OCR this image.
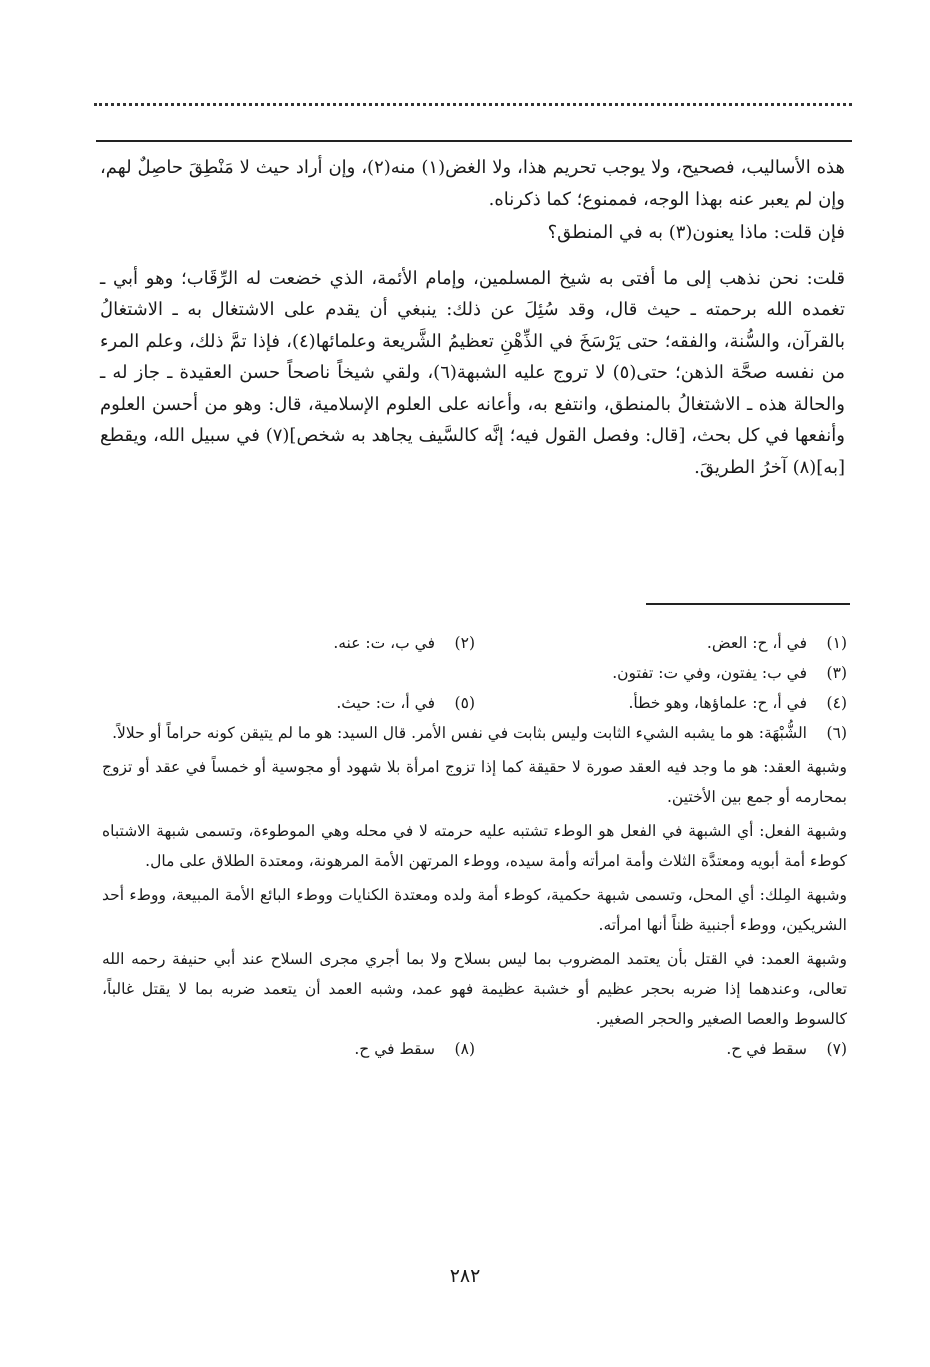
هذه الأساليب، فصحيح، ولا يوجب تحريم هذا، ولا الغض(١) منه(٢)، وإن أراد حيث لا مَنْطِقَ حاصِلٌ لهم، وإن لم يعبر عنه بهذا الوجه، فممنوع؛ كما ذكرناه.

فإن قلت: ماذا يعنون(٣) به في المنطق؟

قلت: نحن نذهب إلى ما أفتى به شيخ المسلمين، وإمام الأئمة، الذي خضعت له الرِّقَاب؛ وهو أبي ـ تغمده الله برحمته ـ حيث قال، وقد سُئِلَ عن ذلك: ينبغي أن يقدم على الاشتغال به ـ الاشتغالُ بالقرآن، والسُّنة، والفقه؛ حتى يَرْسَخَ في الذِّهْنِ تعظيمُ الشَّريعة وعلمائها(٤)، فإذا تمَّ ذلك، وعلم المرء من نفسه صحَّة الذهن؛ حتى(٥) لا تروج عليه الشبهة(٦)، ولقي شيخاً ناصحاً حسن العقيدة ـ جاز له ـ والحالة هذه ـ الاشتغالُ بالمنطق، وانتفع به، وأعانه على العلوم الإسلامية، قال: وهو من أحسن العلوم وأنفعها في كل بحث، [قال: وفصل القول فيه؛ إنَّه كالسَّيف يجاهد به شخص](٧) في سبيل الله، ويقطع [به](٨) آخرُ الطريقَ.

(١)
في أ، ح: العض.
(٢)
في ب، ت: عنه.
(٣)
في ب: يفتون، وفي ت: تفتون.
(٤)
في أ، ح: علماؤها، وهو خطأ.
(٥)
في أ، ت: حيث.
(٦)
الشُّبْهَة: هو ما يشبه الشيء الثابت وليس بثابت في نفس الأمر. قال السيد: هو ما لم يتيقن كونه حراماً أو حلالاً.

وشبهة العقد: هو ما وجد فيه العقد صورة لا حقيقة كما إذا تزوج امرأة بلا شهود أو مجوسية أو خمساً في عقد أو تزوج بمحارمه أو جمع بين الأختين.

وشبهة الفعل: أي الشبهة في الفعل هو الوطء تشتبه عليه حرمته لا في محله وهي الموطوءة، وتسمى شبهة الاشتباه كوطء أمة أبويه ومعتدَّة الثلاث وأمة امرأته وأمة سيده، ووطء المرتهن الأمة المرهونة، ومعتدة الطلاق على مال.

وشبهة المِلك: أي المحل، وتسمى شبهة حكمية، كوطء أمة ولده ومعتدة الكنايات ووطء البائع الأمة المبيعة، ووطء أحد الشريكين، ووطء أجنبية ظناً أنها امرأته.

وشبهة العمد: في القتل بأن يعتمد المضروب بما ليس بسلاح ولا بما أجري مجرى السلاح عند أبي حنيفة رحمه الله تعالى، وعندهما إذا ضربه بحجر عظيم أو خشبة عظيمة فهو عمد، وشبه العمد أن يتعمد ضربه بما لا يقتل غالباً، كالسوط والعصا الصغير والحجر الصغير.

(٧)
سقط في ح.
(٨)
سقط في ح.
٢٨٢
